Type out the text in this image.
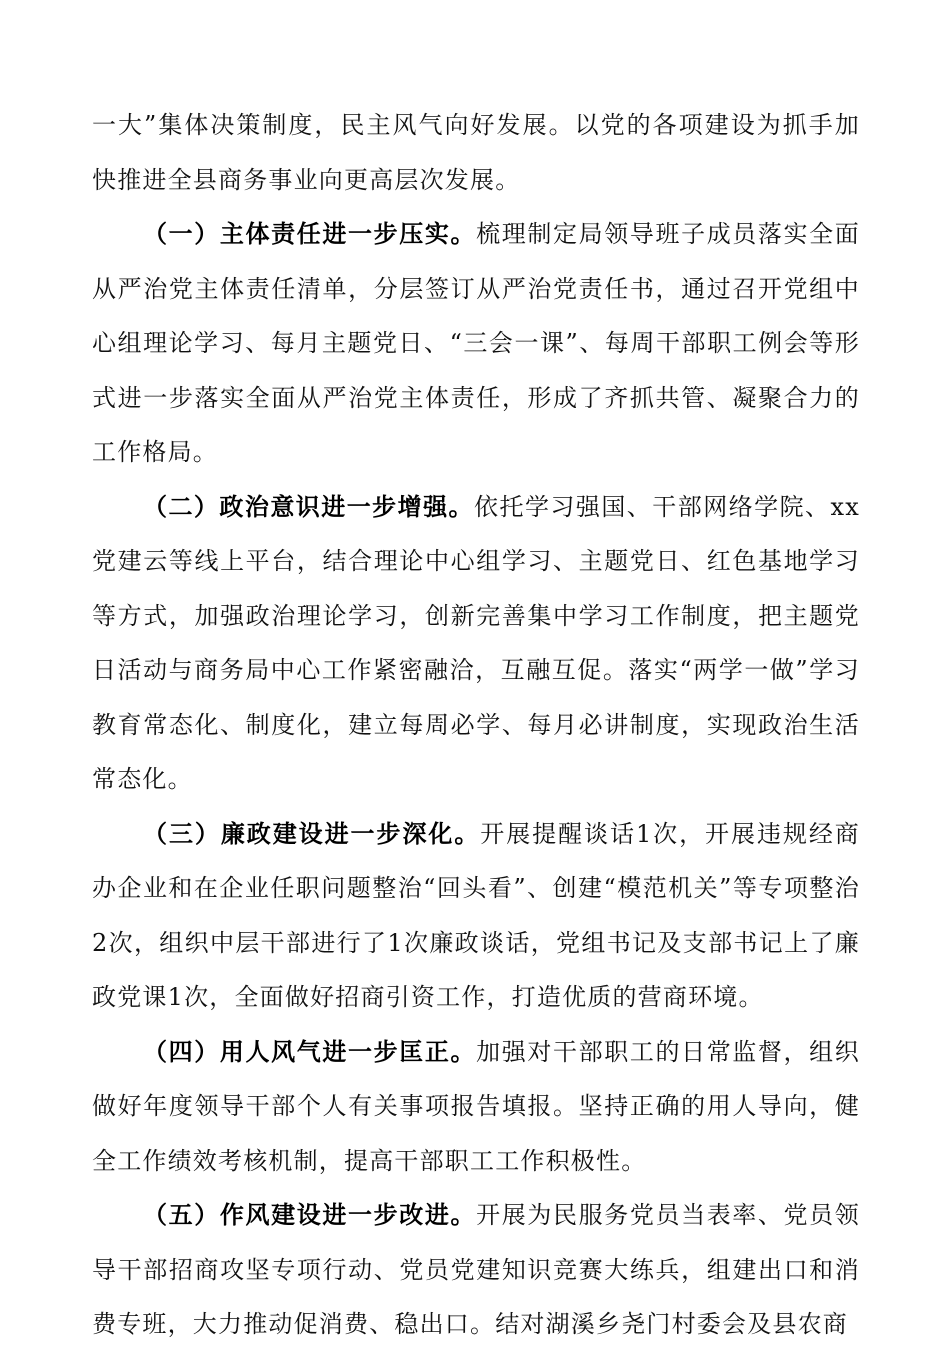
一大”集体决策制度，民主风气向好发展。以党的各项建设为抓手加快推进全县商务事业向更高层次发展。

（一）主体责任进一步压实。梳理制定局领导班子成员落实全面从严治党主体责任清单，分层签订从严治党责任书，通过召开党组中心组理论学习、每月主题党日、“三会一课”、每周干部职工例会等形式进一步落实全面从严治党主体责任，形成了齐抓共管、凝聚合力的工作格局。

（二）政治意识进一步增强。依托学习强国、干部网络学院、xx党建云等线上平台，结合理论中心组学习、主题党日、红色基地学习等方式，加强政治理论学习，创新完善集中学习工作制度，把主题党日活动与商务局中心工作紧密融洽，互融互促。落实“两学一做”学习教育常态化、制度化，建立每周必学、每月必讲制度，实现政治生活常态化。

（三）廉政建设进一步深化。开展提醒谈话1次，开展违规经商办企业和在企业任职问题整治“回头看”、创建“模范机关”等专项整治2次，组织中层干部进行了1次廉政谈话，党组书记及支部书记上了廉政党课1次，全面做好招商引资工作，打造优质的营商环境。

（四）用人风气进一步匡正。加强对干部职工的日常监督，组织做好年度领导干部个人有关事项报告填报。坚持正确的用人导向，健全工作绩效考核机制，提高干部职工工作积极性。

（五）作风建设进一步改进。开展为民服务党员当表率、党员领导干部招商攻坚专项行动、党员党建知识竞赛大练兵，组建出口和消费专班，大力推动促消费、稳出口。结对湖溪乡尧门村委会及县农商
